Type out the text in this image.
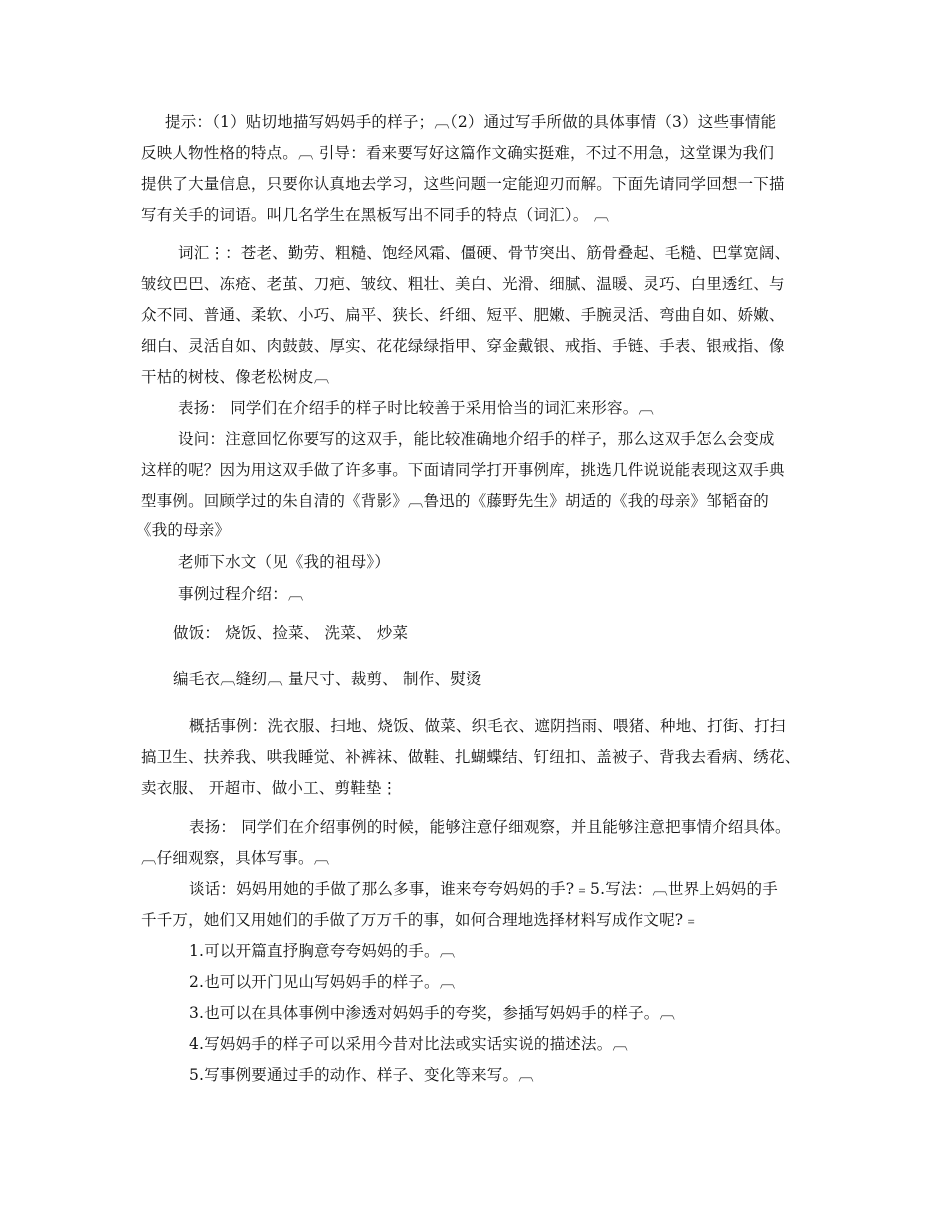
提示：（1）贴切地描写妈妈手的样子；︹（2）通过写手所做的具体事情（3）这些事情能
反映人物性格的特点。︹ 引导：看来要写好这篇作文确实挺难，不过不用急，这堂课为我们
提供了大量信息，只要你认真地去学习，这些问题一定能迎刃而解。下面先请同学回想一下描
写有关手的词语。叫几名学生在黑板写出不同手的特点（词汇）。 ︹
词汇⋮：苍老、勤劳、粗糙、饱经风霜、僵硬、骨节突出、筋骨叠起、毛糙、巴掌宽阔、
皱纹巴巴、冻疮、老茧、刀疤、皱纹、粗壮、美白、光滑、细腻、温暖、灵巧、白里透红、与
众不同、普通、柔软、小巧、扁平、狭长、纤细、短平、肥嫩、手腕灵活、弯曲自如、娇嫩、
细白、灵活自如、肉鼓鼓、厚实、花花绿绿指甲、穿金戴银、戒指、手链、手表、银戒指、像
干枯的树枝、像老松树皮︹
表扬： 同学们在介绍手的样子时比较善于采用恰当的词汇来形容。︹
设问：注意回忆你要写的这双手，能比较准确地介绍手的样子，那么这双手怎么会变成
这样的呢？因为用这双手做了许多事。下面请同学打开事例库，挑选几件说说能表现这双手典
型事例。回顾学过的朱自清的《背影》︹鲁迅的《藤野先生》胡适的《我的母亲》邹韬奋的
《我的母亲》
老师下水文（见《我的祖母》）
事例过程介绍：︹
做饭： 烧饭、捡菜、 洗菜、 炒菜
编毛衣︹缝纫︹ 量尺寸、裁剪、 制作、熨烫
概括事例：洗衣服、扫地、烧饭、做菜、织毛衣、遮阴挡雨、喂猪、种地、打街、打扫
搞卫生、扶养我、哄我睡觉、补裤袜、做鞋、扎蝴蝶结、钉纽扣、盖被子、背我去看病、绣花、
卖衣服、 开超市、做小工、剪鞋垫⋮
表扬： 同学们在介绍事例的时候，能够注意仔细观察，并且能够注意把事情介绍具体。
︹仔细观察，具体写事。︹
谈话：妈妈用她的手做了那么多事，谁来夸夸妈妈的手?﹦5.写法：︹世界上妈妈的手
千千万，她们又用她们的手做了万万千的事，如何合理地选择材料写成作文呢?﹦
1.可以开篇直抒胸意夸夸妈妈的手。︹
2.也可以开门见山写妈妈手的样子。︹
3.也可以在具体事例中渗透对妈妈手的夸奖，参插写妈妈手的样子。︹
4.写妈妈手的样子可以采用今昔对比法或实话实说的描述法。︹
5.写事例要通过手的动作、样子、变化等来写。︹
